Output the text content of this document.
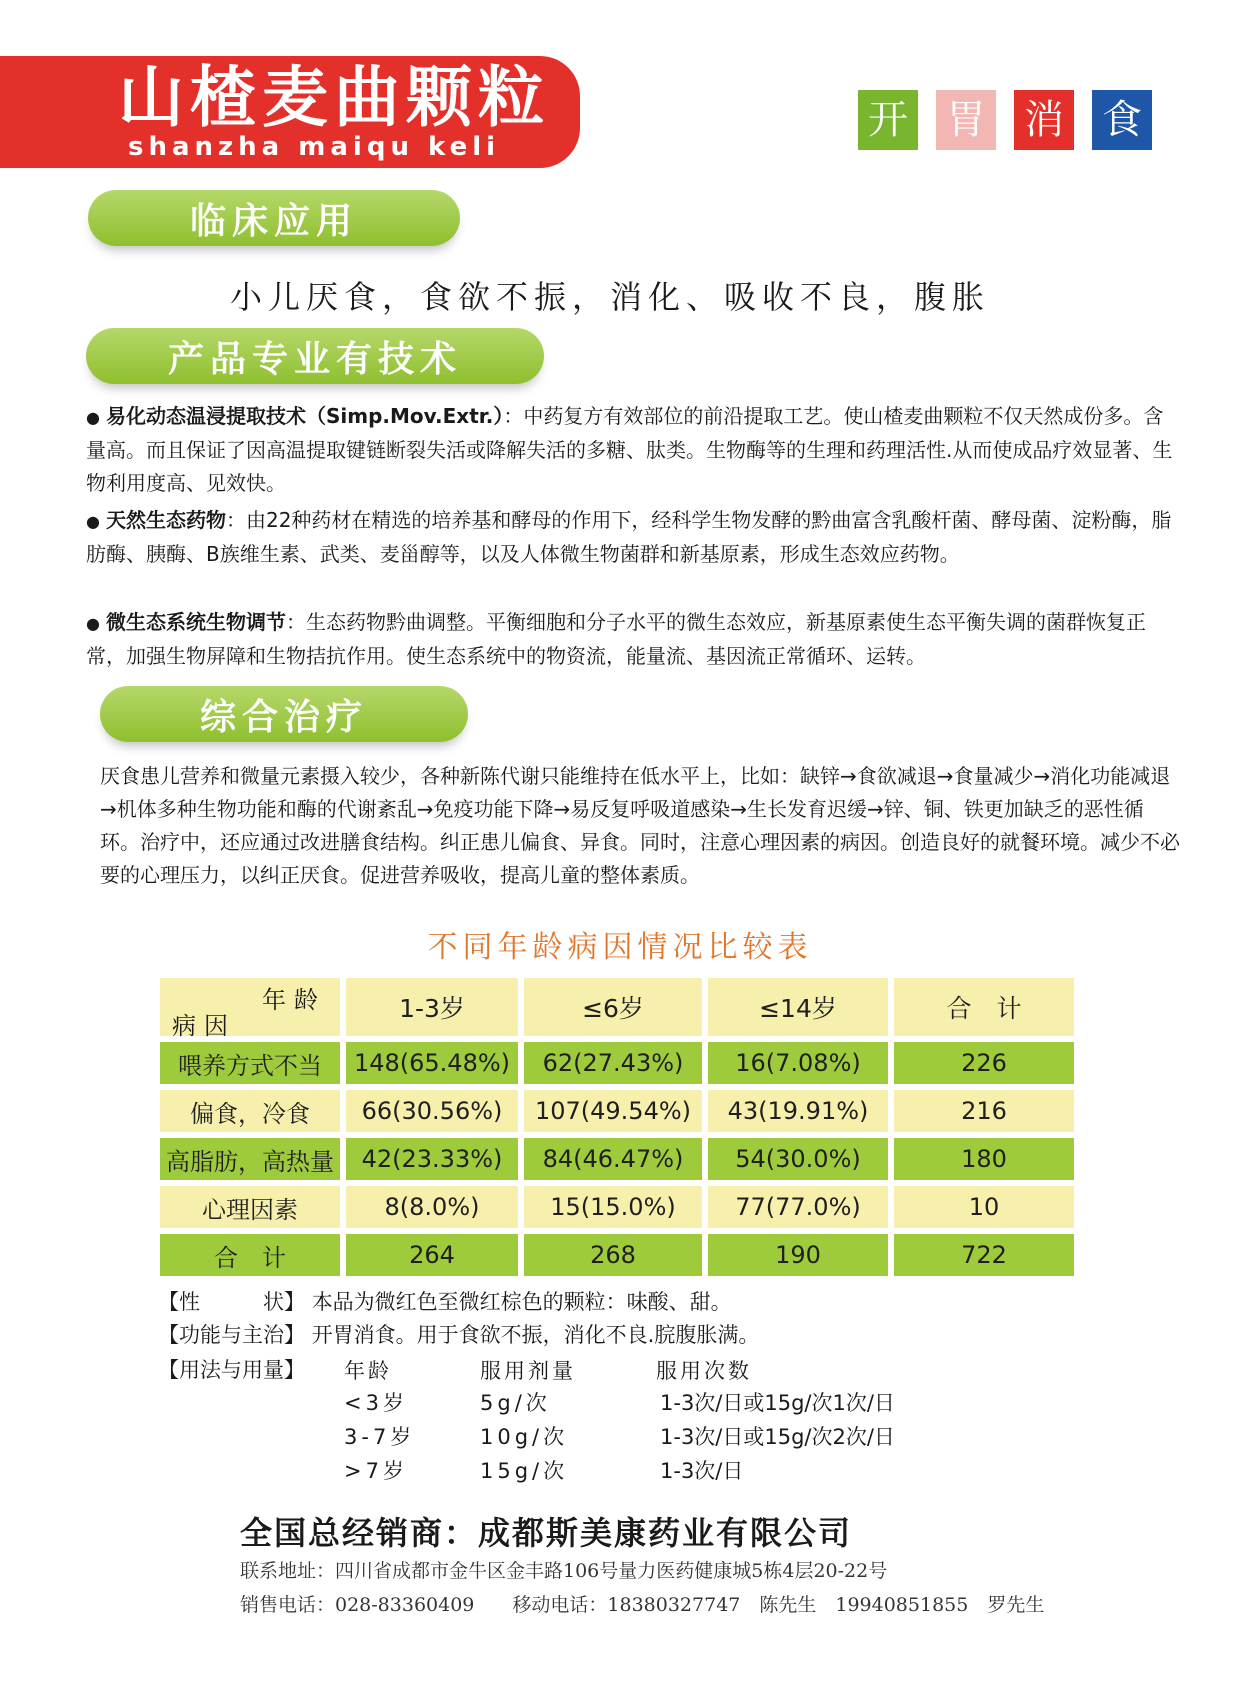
山楂麦曲颗粒
shanzha maiqu keli
开 胃 消 食
临床应用
小儿厌食，食欲不振，消化、吸收不良，腹胀
产品专业有技术
● 易化动态温浸提取技术（Simp.Mov.Extr.）：中药复方有效部位的前沿提取工艺。使山楂麦曲颗粒不仅天然成份多。含量高。而且保证了因高温提取键链断裂失活或降解失活的多糖、肽类。生物酶等的生理和药理活性.从而使成品疗效显著、生物利用度高、见效快。
● 天然生态药物：由22种药材在精选的培养基和酵母的作用下，经科学生物发酵的黔曲富含乳酸杆菌、酵母菌、淀粉酶，脂肪酶、胰酶、B族维生素、武类、麦甾醇等，以及人体微生物菌群和新基原素，形成生态效应药物。
● 微生态系统生物调节：生态药物黔曲调整。平衡细胞和分子水平的微生态效应，新基原素使生态平衡失调的菌群恢复正常，加强生物屏障和生物拮抗作用。使生态系统中的物资流，能量流、基因流正常循环、运转。
综合治疗
厌食患儿营养和微量元素摄入较少，各种新陈代谢只能维持在低水平上，比如：缺锌→食欲减退→食量减少→消化功能减退→机体多种生物功能和酶的代谢紊乱→免疫功能下降→易反复呼吸道感染→生长发育迟缓→锌、铜、铁更加缺乏的恶性循环。治疗中，还应通过改进膳食结构。纠正患儿偏食、异食。同时，注意心理因素的病因。创造良好的就餐环境。减少不必要的心理压力，以纠正厌食。促进营养吸收，提高儿童的整体素质。
不同年龄病因情况比较表
年龄
病因
1-3岁	≤6岁	≤14岁	合　计
喂养方式不当	148(65.48%)	62(27.43%)	16(7.08%)	226
偏食，冷食	66(30.56%)	107(49.54%)	43(19.91%)	216
高脂肪，高热量	42(23.33%)	84(46.47%)	54(30.0%)	180
心理因素	8(8.0%)	15(15.0%)	77(77.0%)	10
合　计	264	268	190	722
【性　　　状】 本品为微红色至微红棕色的颗粒：味酸、甜。
【功能与主治】 开胃消食。用于食欲不振，消化不良.脘腹胀满。
【用法与用量】 年龄	服用剂量	服用次数
<3岁	5g/次	1-3次/日或15g/次1次/日
3-7岁	10g/次	1-3次/日或15g/次2次/日
>7岁	15g/次	1-3次/日
全国总经销商：成都斯美康药业有限公司
联系地址：四川省成都市金牛区金丰路106号量力医药健康城5栋4层20-22号
销售电话：028-83360409　　移动电话：18380327747　陈先生　19940851855　罗先生
